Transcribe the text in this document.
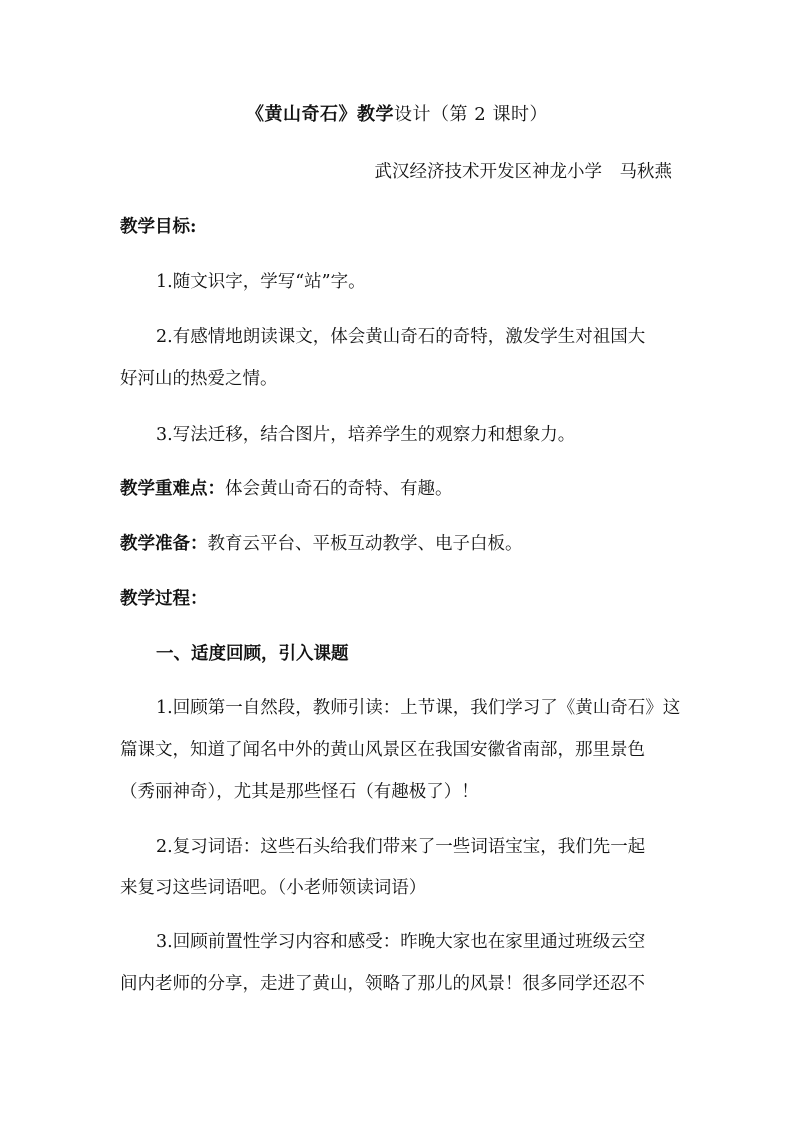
《黄山奇石》教学设计（第 2 课时）
武汉经济技术开发区神龙小学　马秋燕
教学目标:
1.随文识字，学写“站”字。
2.有感情地朗读课文，体会黄山奇石的奇特，激发学生对祖国大
好河山的热爱之情。
3.写法迁移，结合图片，培养学生的观察力和想象力。
教学重难点：体会黄山奇石的奇特、有趣。
教学准备：教育云平台、平板互动教学、电子白板。
教学过程：
一、适度回顾，引入课题
1.回顾第一自然段，教师引读：上节课，我们学习了《黄山奇石》这
篇课文，知道了闻名中外的黄山风景区在我国安徽省南部，那里景色
（秀丽神奇），尤其是那些怪石（有趣极了）！
2.复习词语：这些石头给我们带来了一些词语宝宝，我们先一起
来复习这些词语吧。（小老师领读词语）
3.回顾前置性学习内容和感受：昨晚大家也在家里通过班级云空
间内老师的分享，走进了黄山，领略了那儿的风景！很多同学还忍不
